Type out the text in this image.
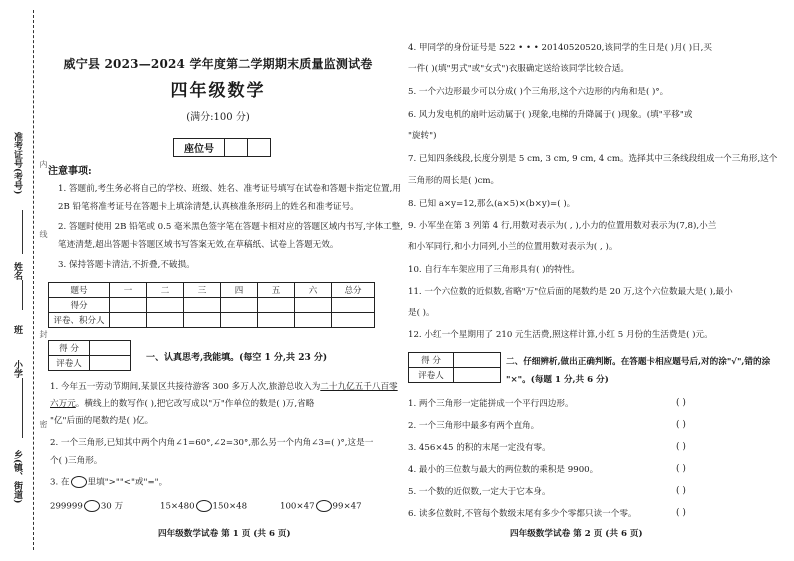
准考证号(考号)
姓名
班
小学
乡(镇、街道)
内
线
封
密
威宁县 2023—2024 学年度第二学期期末质量监测试卷
四年级数学
(满分:100 分)
座位号		
注意事项:
1. 答题前,考生务必将自己的学校、班级、姓名、准考证号填写在试卷和答题卡指定位置,用
2B 铅笔将准考证号在答题卡上填涂清楚,认真核准条形码上的姓名和准考证号。
2. 答题时使用 2B 铅笔或 0.5 毫米黑色签字笔在答题卡相对应的答题区域内书写,字体工整,
笔迹清楚,超出答题卡答题区域书写答案无效,在草稿纸、试卷上答题无效。
3. 保持答题卡清洁,不折叠,不破损。
题号	一	二	三	四	五	六	总分
得分							
评卷、积分人							
得 分	
评卷人	
一、认真思考,我能填。(每空 1 分,共 23 分)
1. 今年五一劳动节期间,某景区共接待游客 300 多万人次,旅游总收入为二十九亿五千八百零
六万元。横线上的数写作( ),把它改写成以"万"作单位的数是( )万,省略
"亿"后面的尾数约是( )亿。
2. 一个三角形,已知其中两个内角∠1=60°,∠2=30°,那么另一个内角∠3=( )°,这是一
个( )三角形。
3. 在 里填">""<"或"="。
299999 30 万	15×480 150×48	100×47 99×47
四年级数学试卷 第 1 页 (共 6 页)
4. 甲同学的身份证号是 522 • • • 20140520520,该同学的生日是( )月( )日,买
一件( )(填"男式"或"女式")衣服确定送给该同学比较合适。
5. 一个六边形最少可以分成( )个三角形,这个六边形的内角和是( )°。
6. 风力发电机的扇叶运动属于( )现象,电梯的升降属于( )现象。(填"平移"或
"旋转")
7. 已知四条线段,长度分别是 5 cm, 3 cm, 9 cm, 4 cm。选择其中三条线段组成一个三角形,这个
三角形的周长是( )cm。
8. 已知 a×y=12,那么(a×5)×(b×y)=( )。
9. 小军坐在第 3 列第 4 行,用数对表示为( , ),小力的位置用数对表示为(7,8),小兰
和小军同行,和小力同列,小兰的位置用数对表示为( , )。
10. 自行车车架应用了三角形具有( )的特性。
11. 一个六位数的近似数,省略"万"位后面的尾数约是 20 万,这个六位数最大是( ),最小
是( )。
12. 小红一个星期用了 210 元生活费,照这样计算,小红 5 月份的生活费是( )元。
得 分	
评卷人	
二、仔细辨析,做出正确判断。在答题卡相应题号后,对的涂"√",错的涂
"×"。(每题 1 分,共 6 分)
1. 两个三角形一定能拼成一个平行四边形。	( )
2. 一个三角形中最多有两个直角。	( )
3. 456×45 的积的末尾一定没有零。	( )
4. 最小的三位数与最大的两位数的乘积是 9900。	( )
5. 一个数的近似数,一定大于它本身。	( )
6. 读多位数时,不管每个数级末尾有多少个零都只读一个零。	( )
四年级数学试卷 第 2 页 (共 6 页)
